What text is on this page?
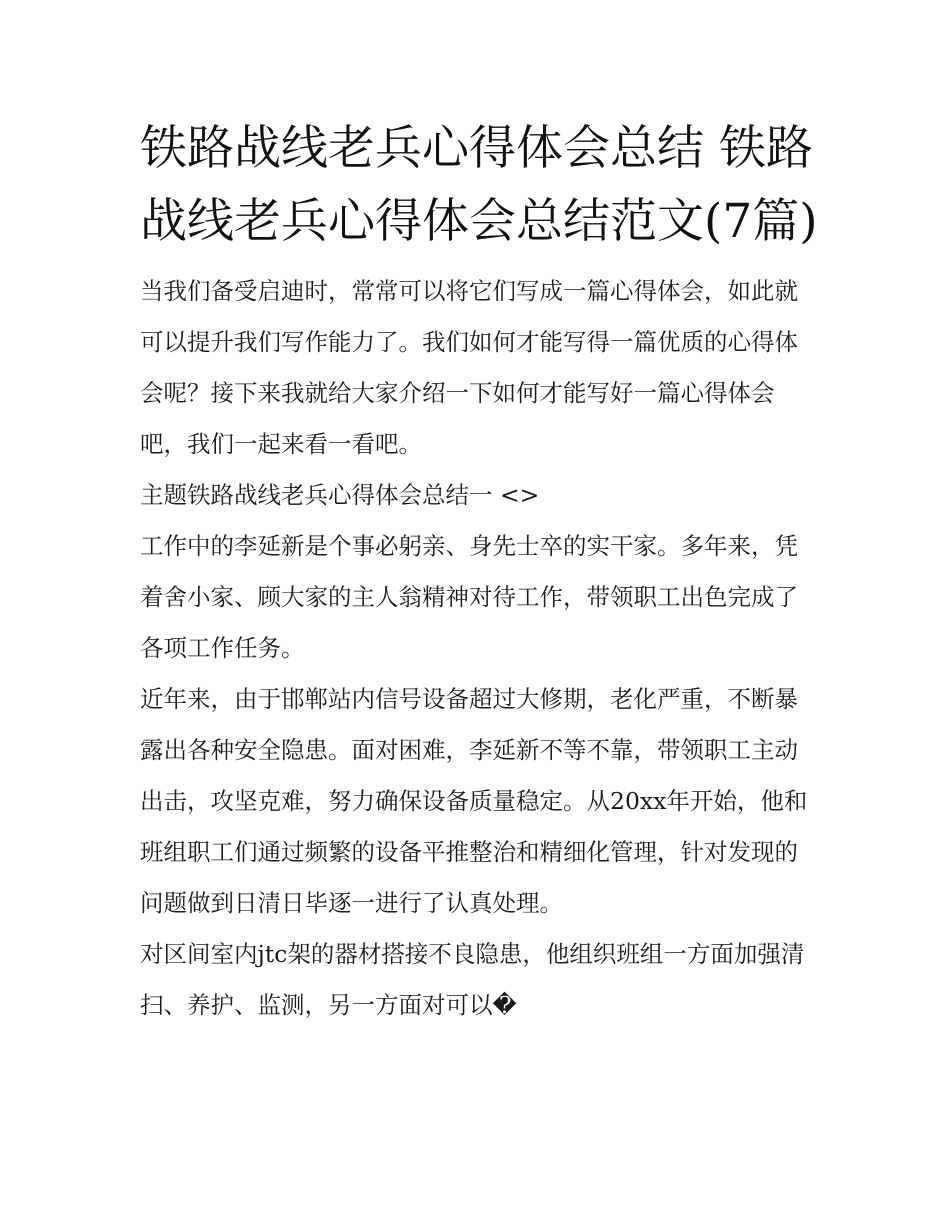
铁路战线老兵心得体会总结 铁路战线老兵心得体会总结范文(7篇)

当我们备受启迪时，常常可以将它们写成一篇心得体会，如此就可以提升我们写作能力了。我们如何才能写得一篇优质的心得体会呢？接下来我就给大家介绍一下如何才能写好一篇心得体会吧，我们一起来看一看吧。

主题铁路战线老兵心得体会总结一 <>

工作中的李延新是个事必躬亲、身先士卒的实干家。多年来，凭着舍小家、顾大家的主人翁精神对待工作，带领职工出色完成了各项工作任务。

近年来，由于邯郸站内信号设备超过大修期，老化严重，不断暴露出各种安全隐患。面对困难，李延新不等不靠，带领职工主动出击，攻坚克难，努力确保设备质量稳定。从20xx年开始，他和班组职工们通过频繁的设备平推整治和精细化管理，针对发现的问题做到日清日毕逐一进行了认真处理。

对区间室内jtc架的器材搭接不良隐患，他组织班组一方面加强清扫、养护、监测，另一方面对可以�
